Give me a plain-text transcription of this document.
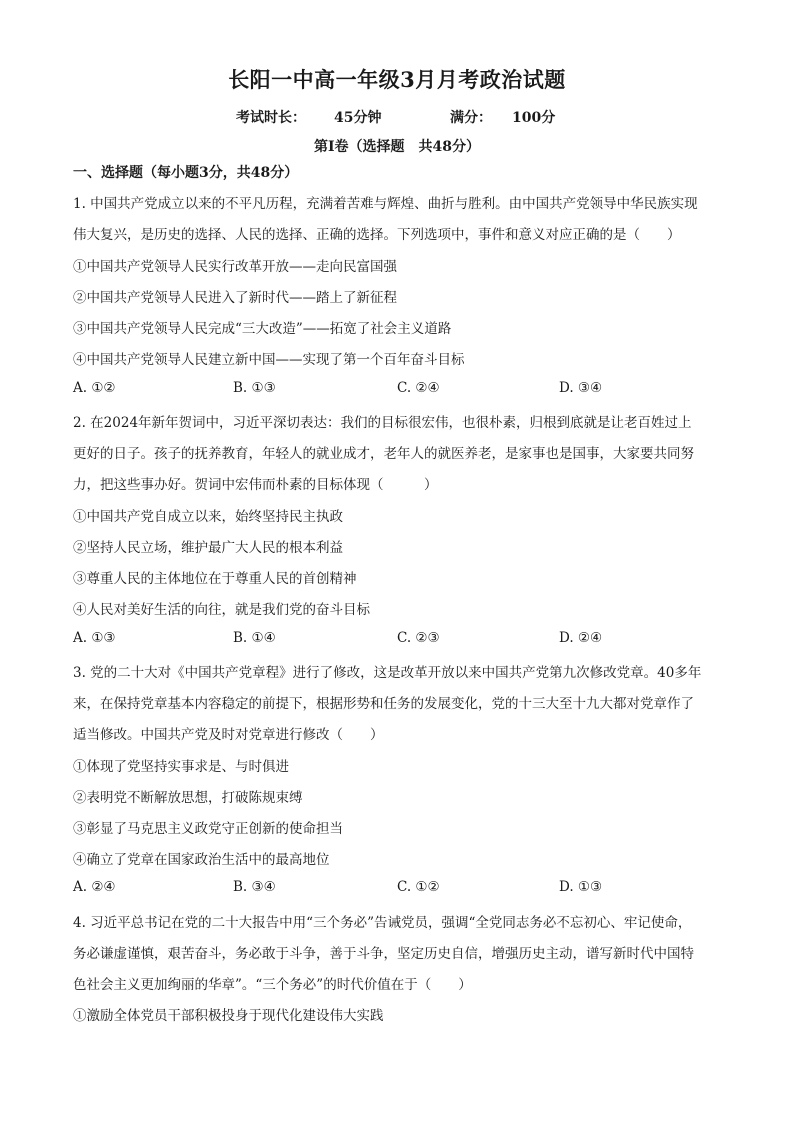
长阳一中高一年级3月月考政治试题
考试时长： 45分钟	满分： 100分
第Ⅰ卷（选择题　共48分）
一、选择题（每小题3分，共48分）
1. 中国共产党成立以来的不平凡历程，充满着苦难与辉煌、曲折与胜利。由中国共产党领导中华民族实现
伟大复兴，是历史的选择、人民的选择、正确的选择。下列选项中，事件和意义对应正确的是（　　）
①中国共产党领导人民实行改革开放——走向民富国强
②中国共产党领导人民进入了新时代——踏上了新征程
③中国共产党领导人民完成“三大改造”——拓宽了社会主义道路
④中国共产党领导人民建立新中国——实现了第一个百年奋斗目标
A. ①②	B. ①③	C. ②④	D. ③④
2. 在2024年新年贺词中，习近平深切表达：我们的目标很宏伟，也很朴素，归根到底就是让老百姓过上
更好的日子。孩子的抚养教育，年轻人的就业成才，老年人的就医养老，是家事也是国事，大家要共同努
力，把这些事办好。贺词中宏伟而朴素的目标体现（　　　）
①中国共产党自成立以来，始终坚持民主执政
②坚持人民立场，维护最广大人民的根本利益
③尊重人民的主体地位在于尊重人民的首创精神
④人民对美好生活的向往，就是我们党的奋斗目标
A. ①③	B. ①④	C. ②③	D. ②④
3. 党的二十大对《中国共产党章程》进行了修改，这是改革开放以来中国共产党第九次修改党章。40多年
来，在保持党章基本内容稳定的前提下，根据形势和任务的发展变化，党的十三大至十九大都对党章作了
适当修改。中国共产党及时对党章进行修改（　　）
①体现了党坚持实事求是、与时俱进
②表明党不断解放思想，打破陈规束缚
③彰显了马克思主义政党守正创新的使命担当
④确立了党章在国家政治生活中的最高地位
A. ②④	B. ③④	C. ①②	D. ①③
4. 习近平总书记在党的二十大报告中用“三个务必”告诫党员，强调“全党同志务必不忘初心、牢记使命，
务必谦虚谨慎，艰苦奋斗，务必敢于斗争，善于斗争，坚定历史自信，增强历史主动，谱写新时代中国特
色社会主义更加绚丽的华章”。“三个务必”的时代价值在于（　　）
①激励全体党员干部积极投身于现代化建设伟大实践
